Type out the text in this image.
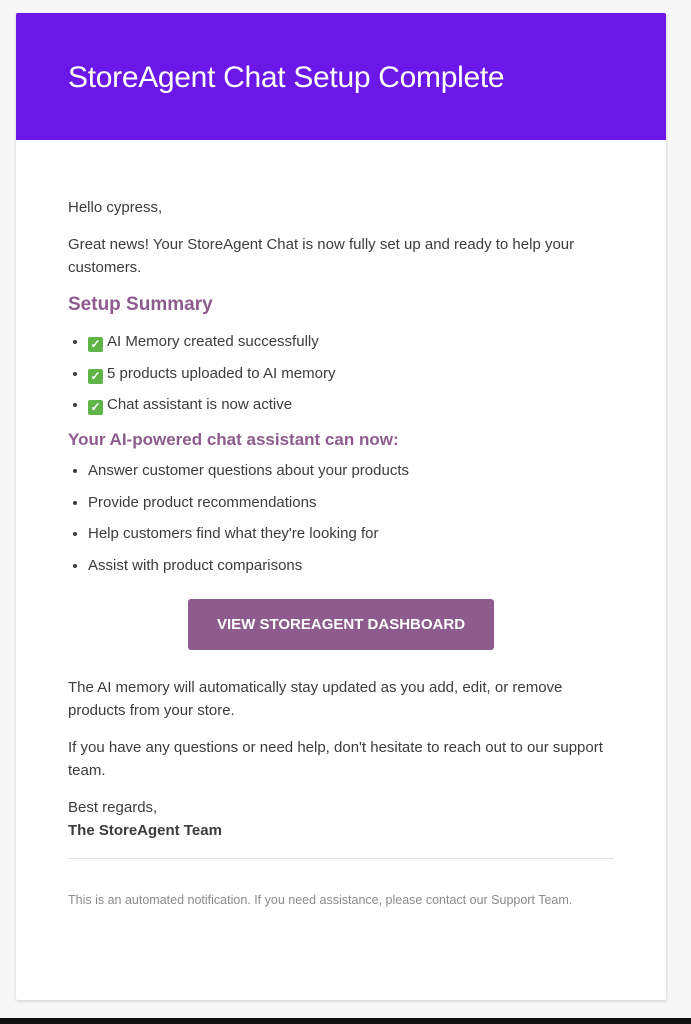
StoreAgent Chat Setup Complete

Hello cypress,

Great news! Your StoreAgent Chat is now fully set up and ready to help your customers.

Setup Summary
• ✓ AI Memory created successfully
• ✓ 5 products uploaded to AI memory
• ✓ Chat assistant is now active
Your AI-powered chat assistant can now:
• Answer customer questions about your products
• Provide product recommendations
• Help customers find what they're looking for
• Assist with product comparisons
VIEW STOREAGENT DASHBOARD

The AI memory will automatically stay updated as you add, edit, or remove products from your store.

If you have any questions or need help, don't hesitate to reach out to our support team.

Best regards,
The StoreAgent Team

This is an automated notification. If you need assistance, please contact our Support Team.
